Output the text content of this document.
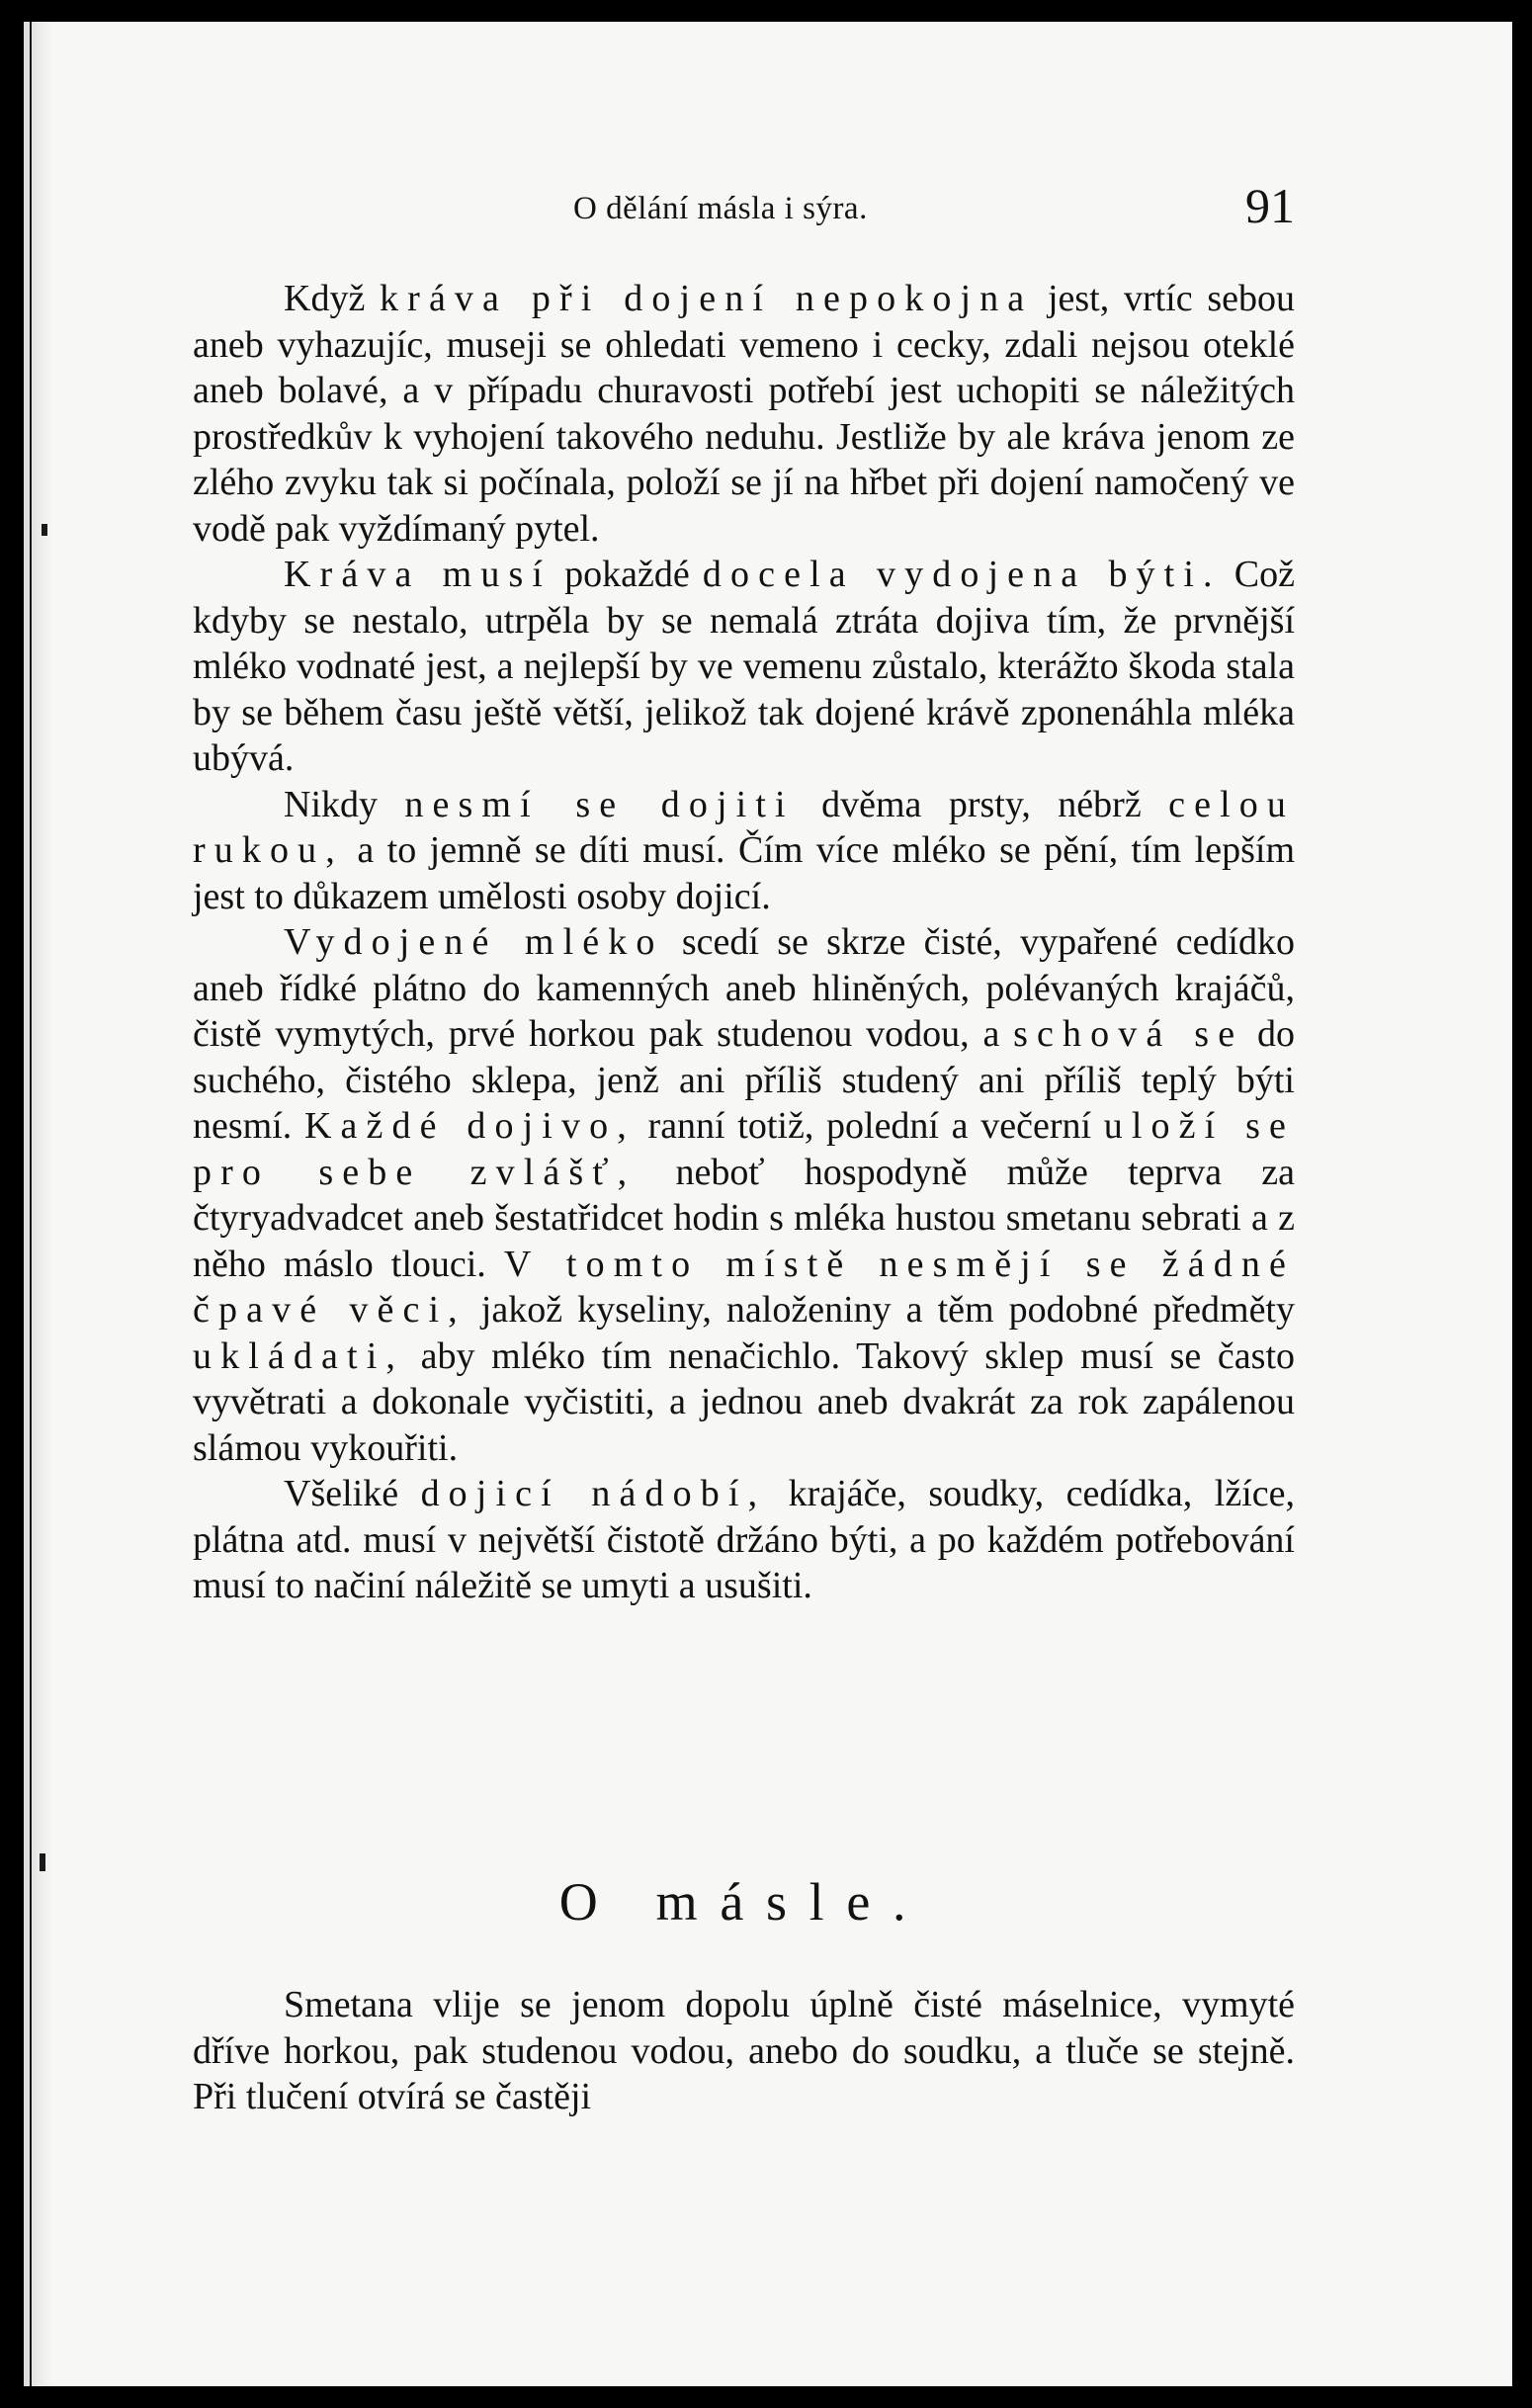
O dělání másla i sýra.	91

Když kráva při dojení nepokojna jest, vrtíc sebou aneb vyhazujíc, museji se ohledati vemeno i cecky, zdali nejsou oteklé aneb bolavé, a v případu churavosti potřebí jest uchopiti se náležitých prostředkův k vyhojení takového neduhu. Jestliže by ale kráva jenom ze zlého zvyku tak si počínala, položí se jí na hřbet při dojení namočený ve vodě pak vyždímaný pytel.

Kráva musí pokaždé docela vydojena býti. Což kdyby se nestalo, utrpěla by se nemalá ztráta dojiva tím, že prvnější mléko vodnaté jest, a nejlepší by ve vemenu zůstalo, kterážto škoda stala by se během času ještě větší, jelikož tak dojené krávě zponenáhla mléka ubývá.

Nikdy nesmí se dojiti dvěma prsty, nébrž celou rukou, a to jemně se díti musí. Čím více mléko se pění, tím lepším jest to důkazem umělosti osoby dojicí.

Vydojené mléko scedí se skrze čisté, vypařené cedídko aneb řídké plátno do kamenných aneb hliněných, polévaných krajáčů, čistě vymytých, prvé horkou pak studenou vodou, a schová se do suchého, čistého sklepa, jenž ani příliš studený ani příliš teplý býti nesmí. Každé dojivo, ranní totiž, polední a večerní uloží se pro sebe zvlášť, neboť hospodyně může teprva za čtyryadvadcet aneb šestatřidcet hodin s mléka hustou smetanu sebrati a z něho máslo tlouci. V tomto místě nesmějí se žádné čpavé věci, jakož kyseliny, naloženiny a těm podobné předměty ukládati, aby mléko tím nenačichlo. Takový sklep musí se často vyvětrati a dokonale vyčistiti, a jednou aneb dvakrát za rok zapálenou slámou vykouřiti.

Všeliké dojicí nádobí, krajáče, soudky, cedídka, lžíce, plátna atd. musí v největší čistotě držáno býti, a po každém potřebování musí to načiní náležitě se umyti a usušiti.

O másle.

Smetana vlije se jenom dopolu úplně čisté máselnice, vymyté dříve horkou, pak studenou vodou, anebo do soudku, a tluče se stejně. Při tlučení otvírá se častěji
